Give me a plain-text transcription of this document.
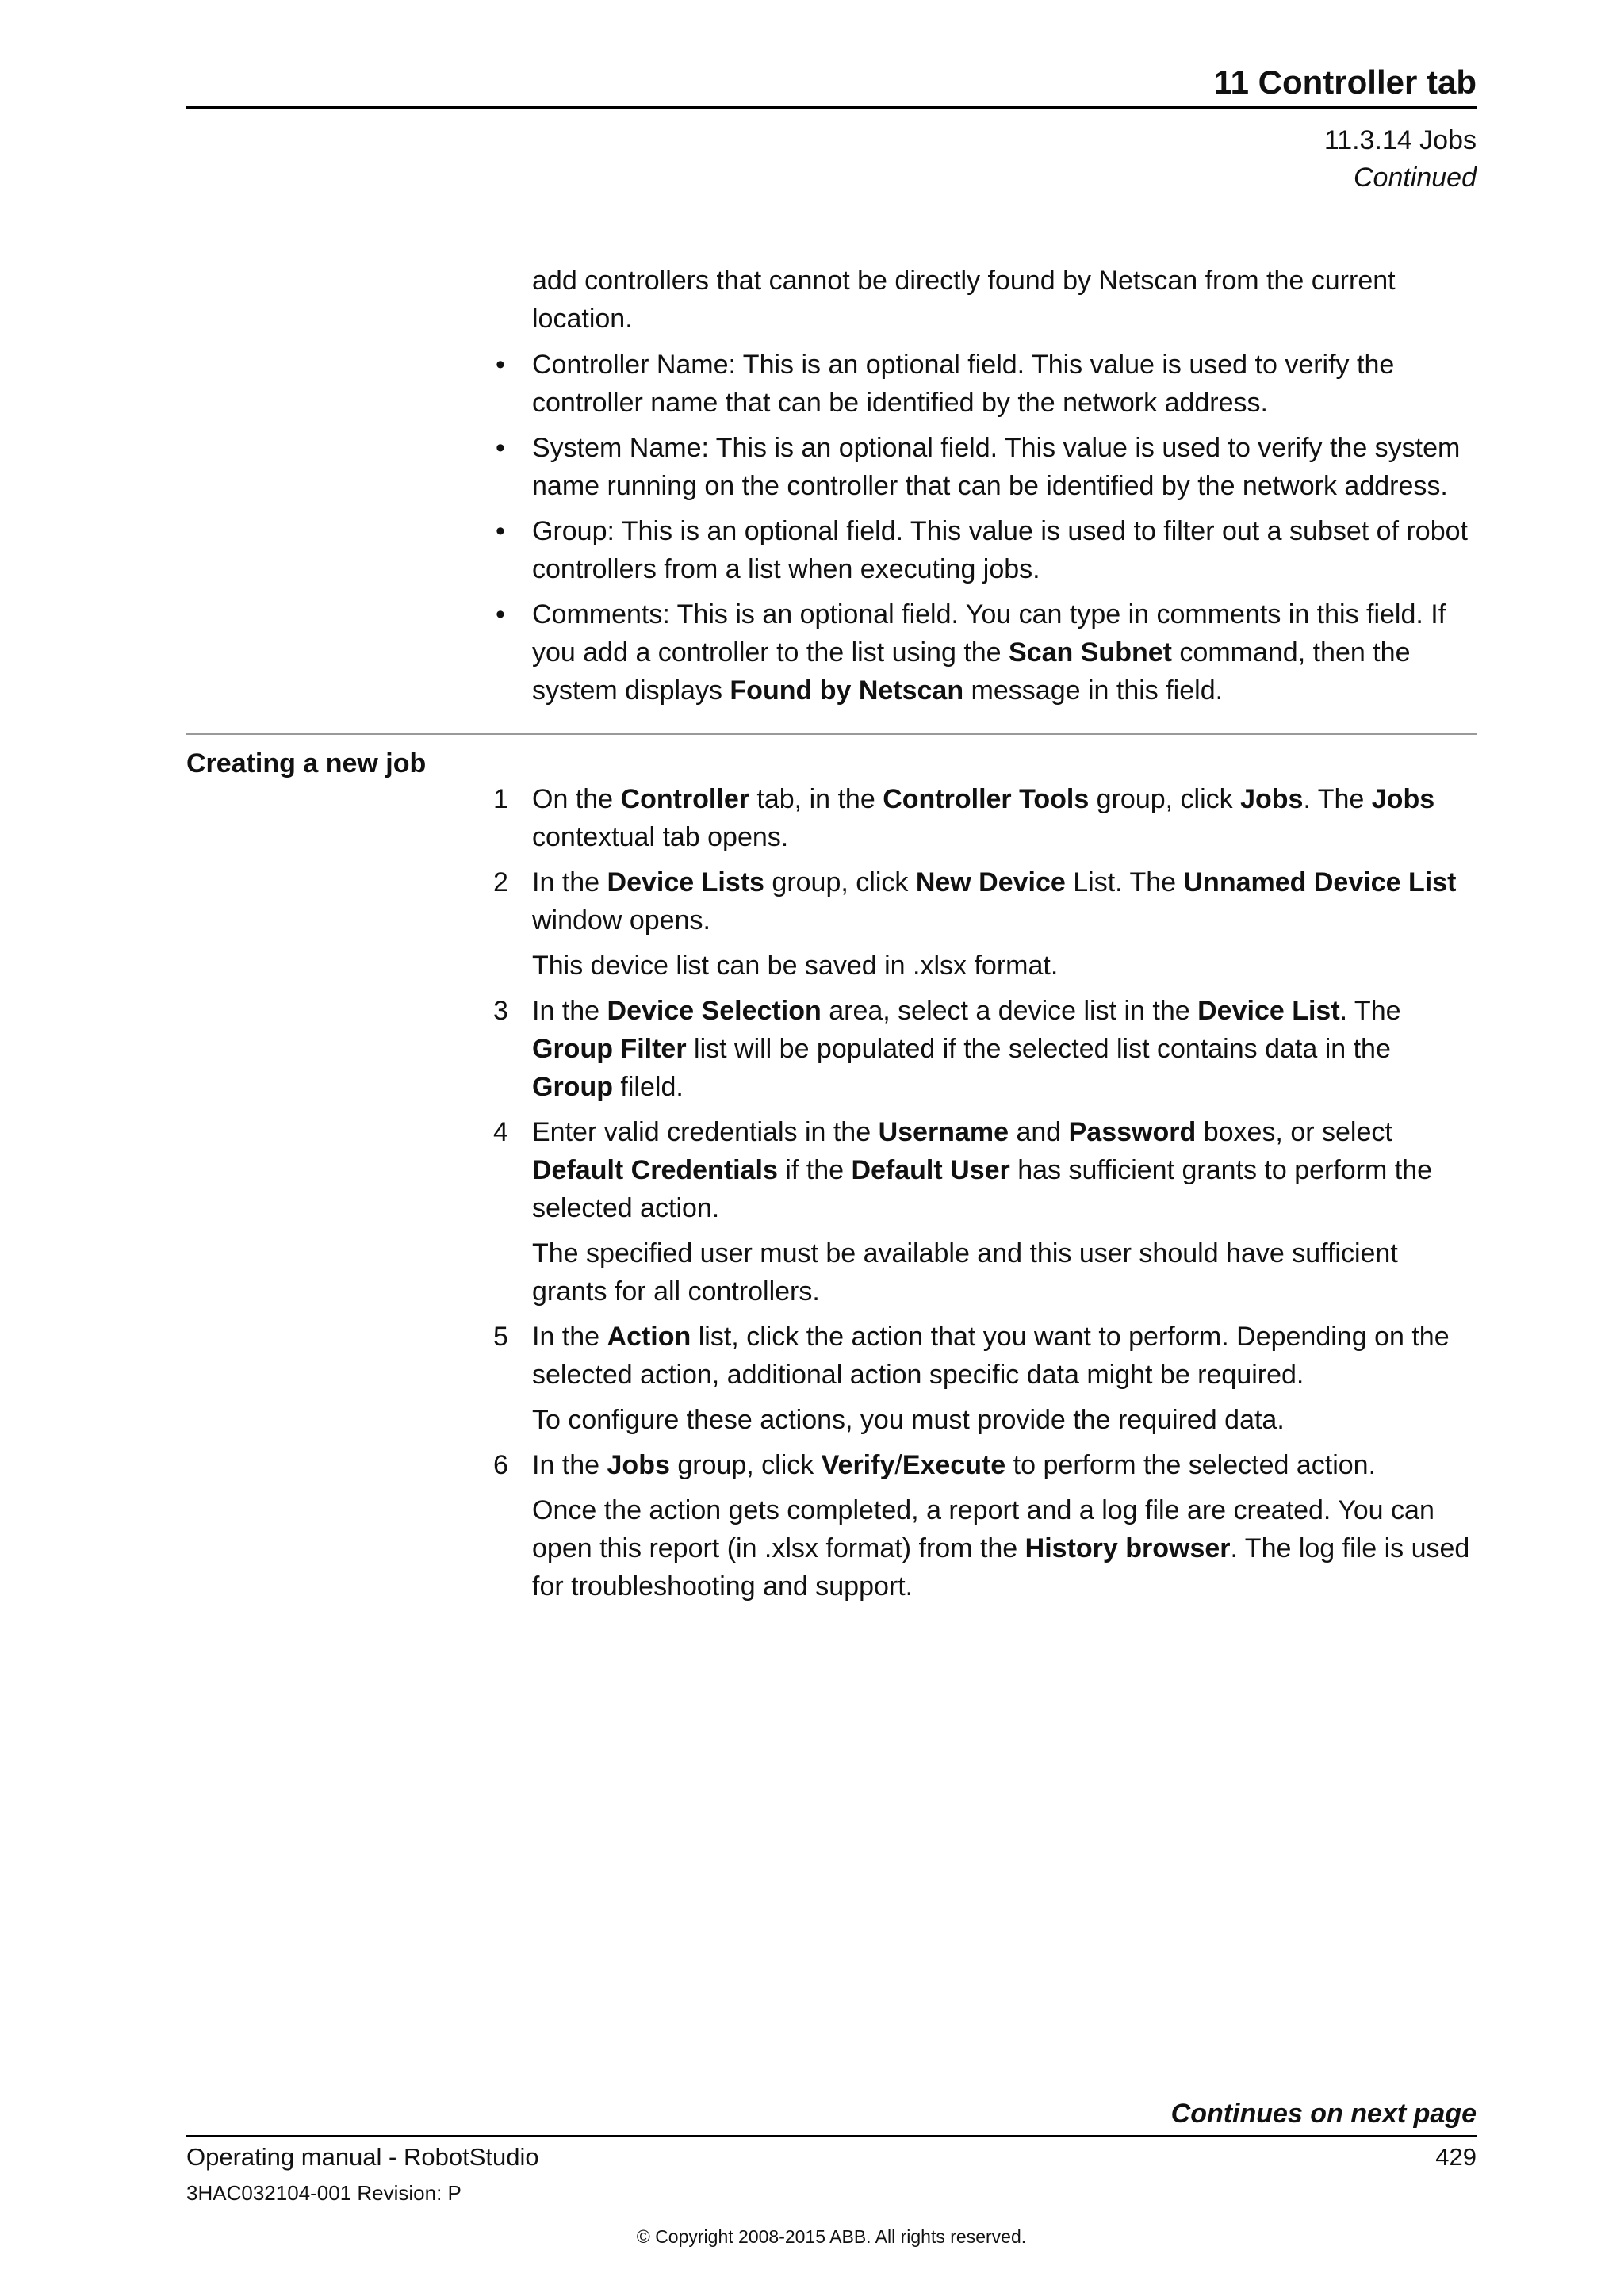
11 Controller tab
11.3.14 Jobs
Continued

add controllers that cannot be directly found by Netscan from the current location.

• Controller Name: This is an optional field. This value is used to verify the controller name that can be identified by the network address.
• System Name: This is an optional field. This value is used to verify the system name running on the controller that can be identified by the network address.
• Group: This is an optional field. This value is used to filter out a subset of robot controllers from a list when executing jobs.
• Comments: This is an optional field. You can type in comments in this field. If you add a controller to the list using the Scan Subnet command, then the system displays Found by Netscan message in this field.
Creating a new job
1 On the Controller tab, in the Controller Tools group, click Jobs. The Jobs contextual tab opens.
2 In the Device Lists group, click New Device List. The Unnamed Device List window opens.

This device list can be saved in .xlsx format.

3 In the Device Selection area, select a device list in the Device List. The Group Filter list will be populated if the selected list contains data in the Group fileld.
4 Enter valid credentials in the Username and Password boxes, or select Default Credentials if the Default User has sufficient grants to perform the selected action.

The specified user must be available and this user should have sufficient grants for all controllers.

5 In the Action list, click the action that you want to perform. Depending on the selected action, additional action specific data might be required.

To configure these actions, you must provide the required data.

6 In the Jobs group, click Verify/Execute to perform the selected action.

Once the action gets completed, a report and a log file are created. You can open this report (in .xlsx format) from the History browser. The log file is used for troubleshooting and support.

Continues on next page
Operating manual - RobotStudio	429
3HAC032104-001 Revision: P
© Copyright 2008-2015 ABB. All rights reserved.
